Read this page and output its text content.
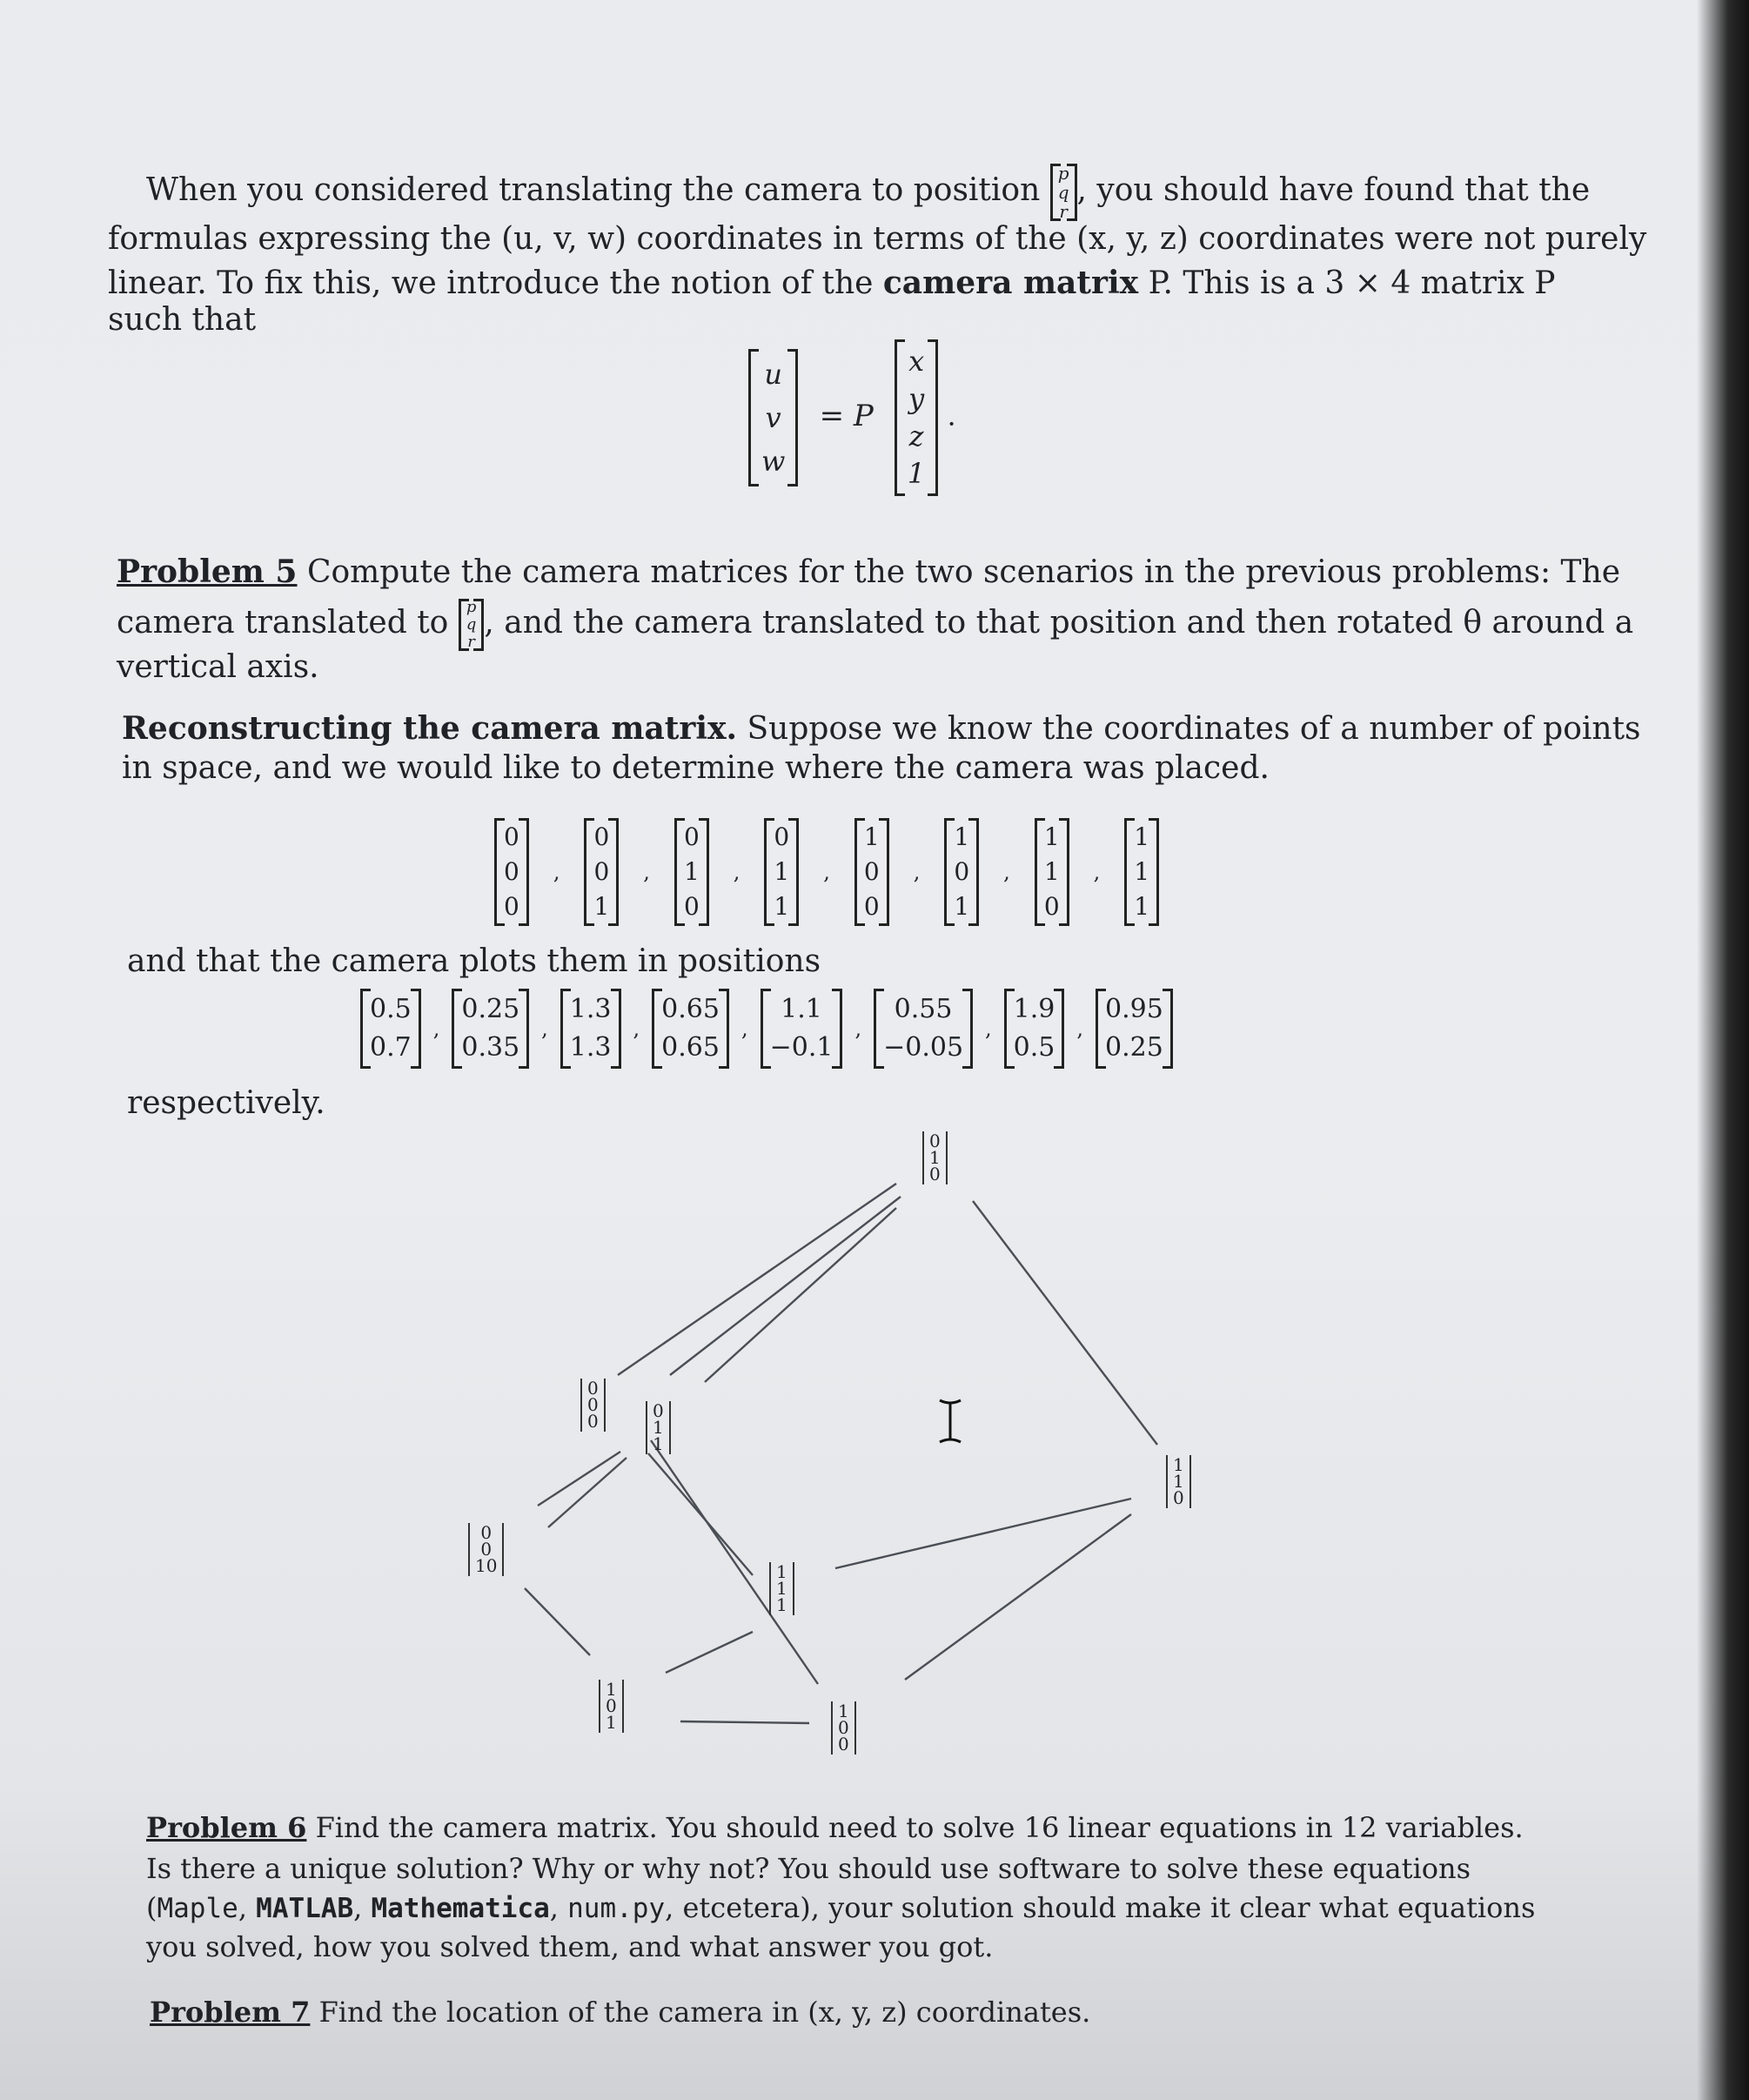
When you considered translating the camera to position p
q
r
, you should have found that the

formulas expressing the (u, v, w) coordinates in terms of the (x, y, z) coordinates were not purely

linear. To fix this, we introduce the notion of the camera matrix P. This is a 3 × 4 matrix P

such that

u
v
w
= P
x
y
z
1
.

Problem 5 Compute the camera matrices for the two scenarios in the previous problems: The

camera translated to p
q
r
, and the camera translated to that position and then rotated θ around a

vertical axis.

Reconstructing the camera matrix. Suppose we know the coordinates of a number of points

in space, and we would like to determine where the camera was placed.

0
0
0
,
0
0
1
,
0
1
0
,
0
1
1
,
1
0
0
,
1
0
1
,
1
1
0
,
1
1
1

and that the camera plots them in positions

0.5
0.7
,
0.25
0.35
,
1.3
1.3
,
0.65
0.65
,
1.1
−0.1
,
0.55
−0.05
,
1.9
0.5
,
0.95
0.25

respectively.

0
1
0
0
0
0	0
1
1
0
0
10
1
1
0
1
1
1
1
0
1
1
0
0

Problem 6 Find the camera matrix. You should need to solve 16 linear equations in 12 variables.

Is there a unique solution? Why or why not? You should use software to solve these equations

(Maple, MATLAB, Mathematica, num.py, etcetera), your solution should make it clear what equations

you solved, how you solved them, and what answer you got.

Problem 7 Find the location of the camera in (x, y, z) coordinates.
